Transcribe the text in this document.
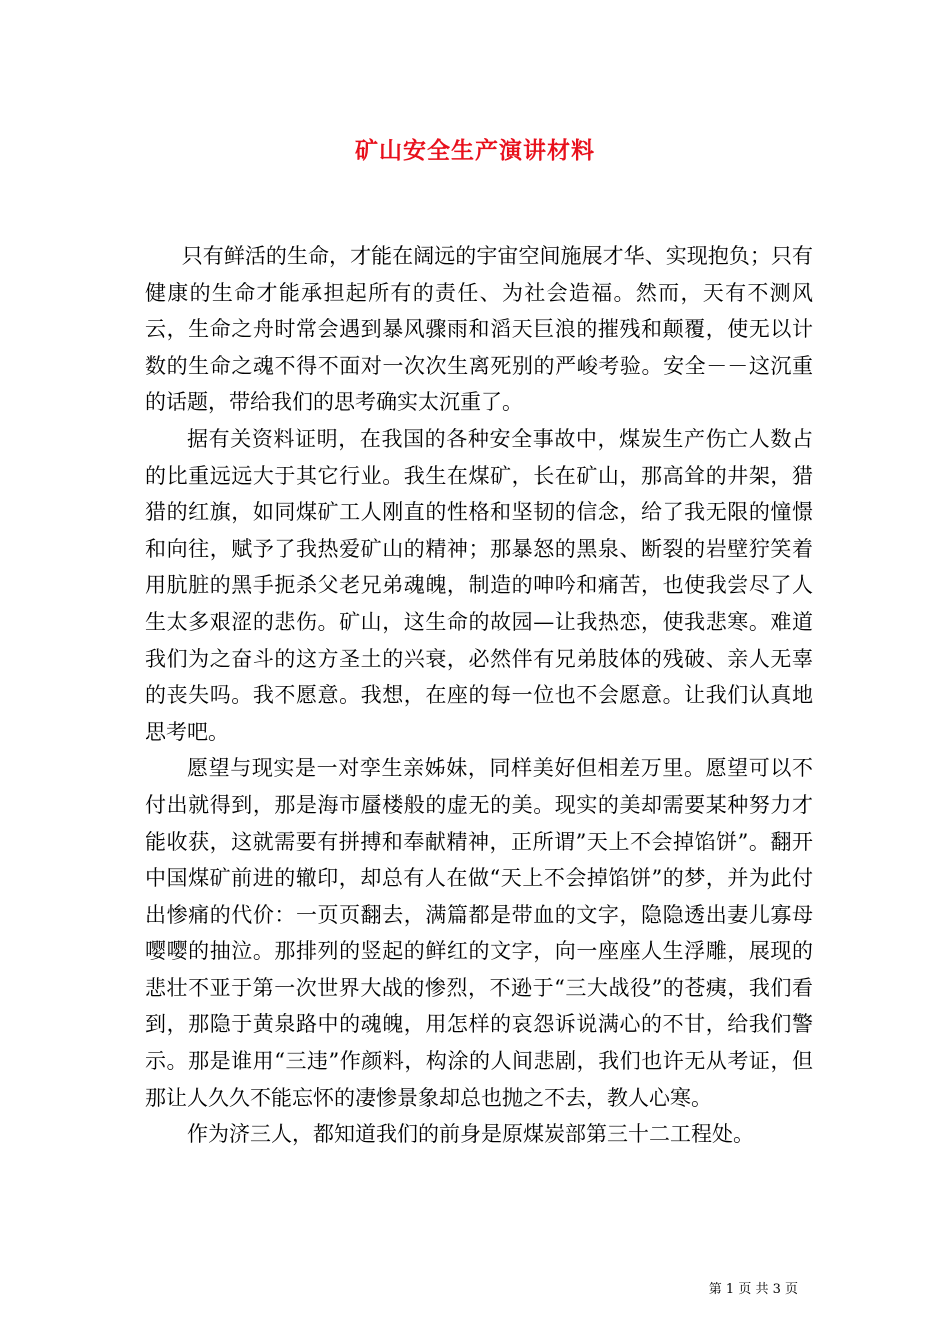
矿山安全生产演讲材料

只有鲜活的生命，才能在阔远的宇宙空间施展才华、实现抱负；只有健康的生命才能承担起所有的责任、为社会造福。然而，天有不测风云，生命之舟时常会遇到暴风骤雨和滔天巨浪的摧残和颠覆，使无以计数的生命之魂不得不面对一次次生离死别的严峻考验。安全－－这沉重的话题，带给我们的思考确实太沉重了。

据有关资料证明，在我国的各种安全事故中，煤炭生产伤亡人数占的比重远远大于其它行业。我生在煤矿，长在矿山，那高耸的井架，猎猎的红旗，如同煤矿工人刚直的性格和坚韧的信念，给了我无限的憧憬和向往，赋予了我热爱矿山的精神；那暴怒的黑泉、断裂的岩壁狞笑着用肮脏的黑手扼杀父老兄弟魂魄，制造的呻吟和痛苦，也使我尝尽了人生太多艰涩的悲伤。矿山，这生命的故园—让我热恋，使我悲寒。难道我们为之奋斗的这方圣土的兴衰，必然伴有兄弟肢体的残破、亲人无辜的丧失吗。我不愿意。我想，在座的每一位也不会愿意。让我们认真地思考吧。

愿望与现实是一对孪生亲姊妹，同样美好但相差万里。愿望可以不付出就得到，那是海市蜃楼般的虚无的美。现实的美却需要某种努力才能收获，这就需要有拼搏和奉献精神，正所谓”天上不会掉馅饼”。翻开中国煤矿前进的辙印，却总有人在做“天上不会掉馅饼”的梦，并为此付出惨痛的代价：一页页翻去，满篇都是带血的文字，隐隐透出妻儿寡母嘤嘤的抽泣。那排列的竖起的鲜红的文字，向一座座人生浮雕，展现的悲壮不亚于第一次世界大战的惨烈，不逊于“三大战役”的苍痍，我们看到，那隐于黄泉路中的魂魄，用怎样的哀怨诉说满心的不甘，给我们警示。那是谁用“三违”作颜料，构涂的人间悲剧，我们也许无从考证，但那让人久久不能忘怀的凄惨景象却总也抛之不去，教人心寒。

作为济三人，都知道我们的前身是原煤炭部第三十二工程处。

第 1 页 共 3 页
